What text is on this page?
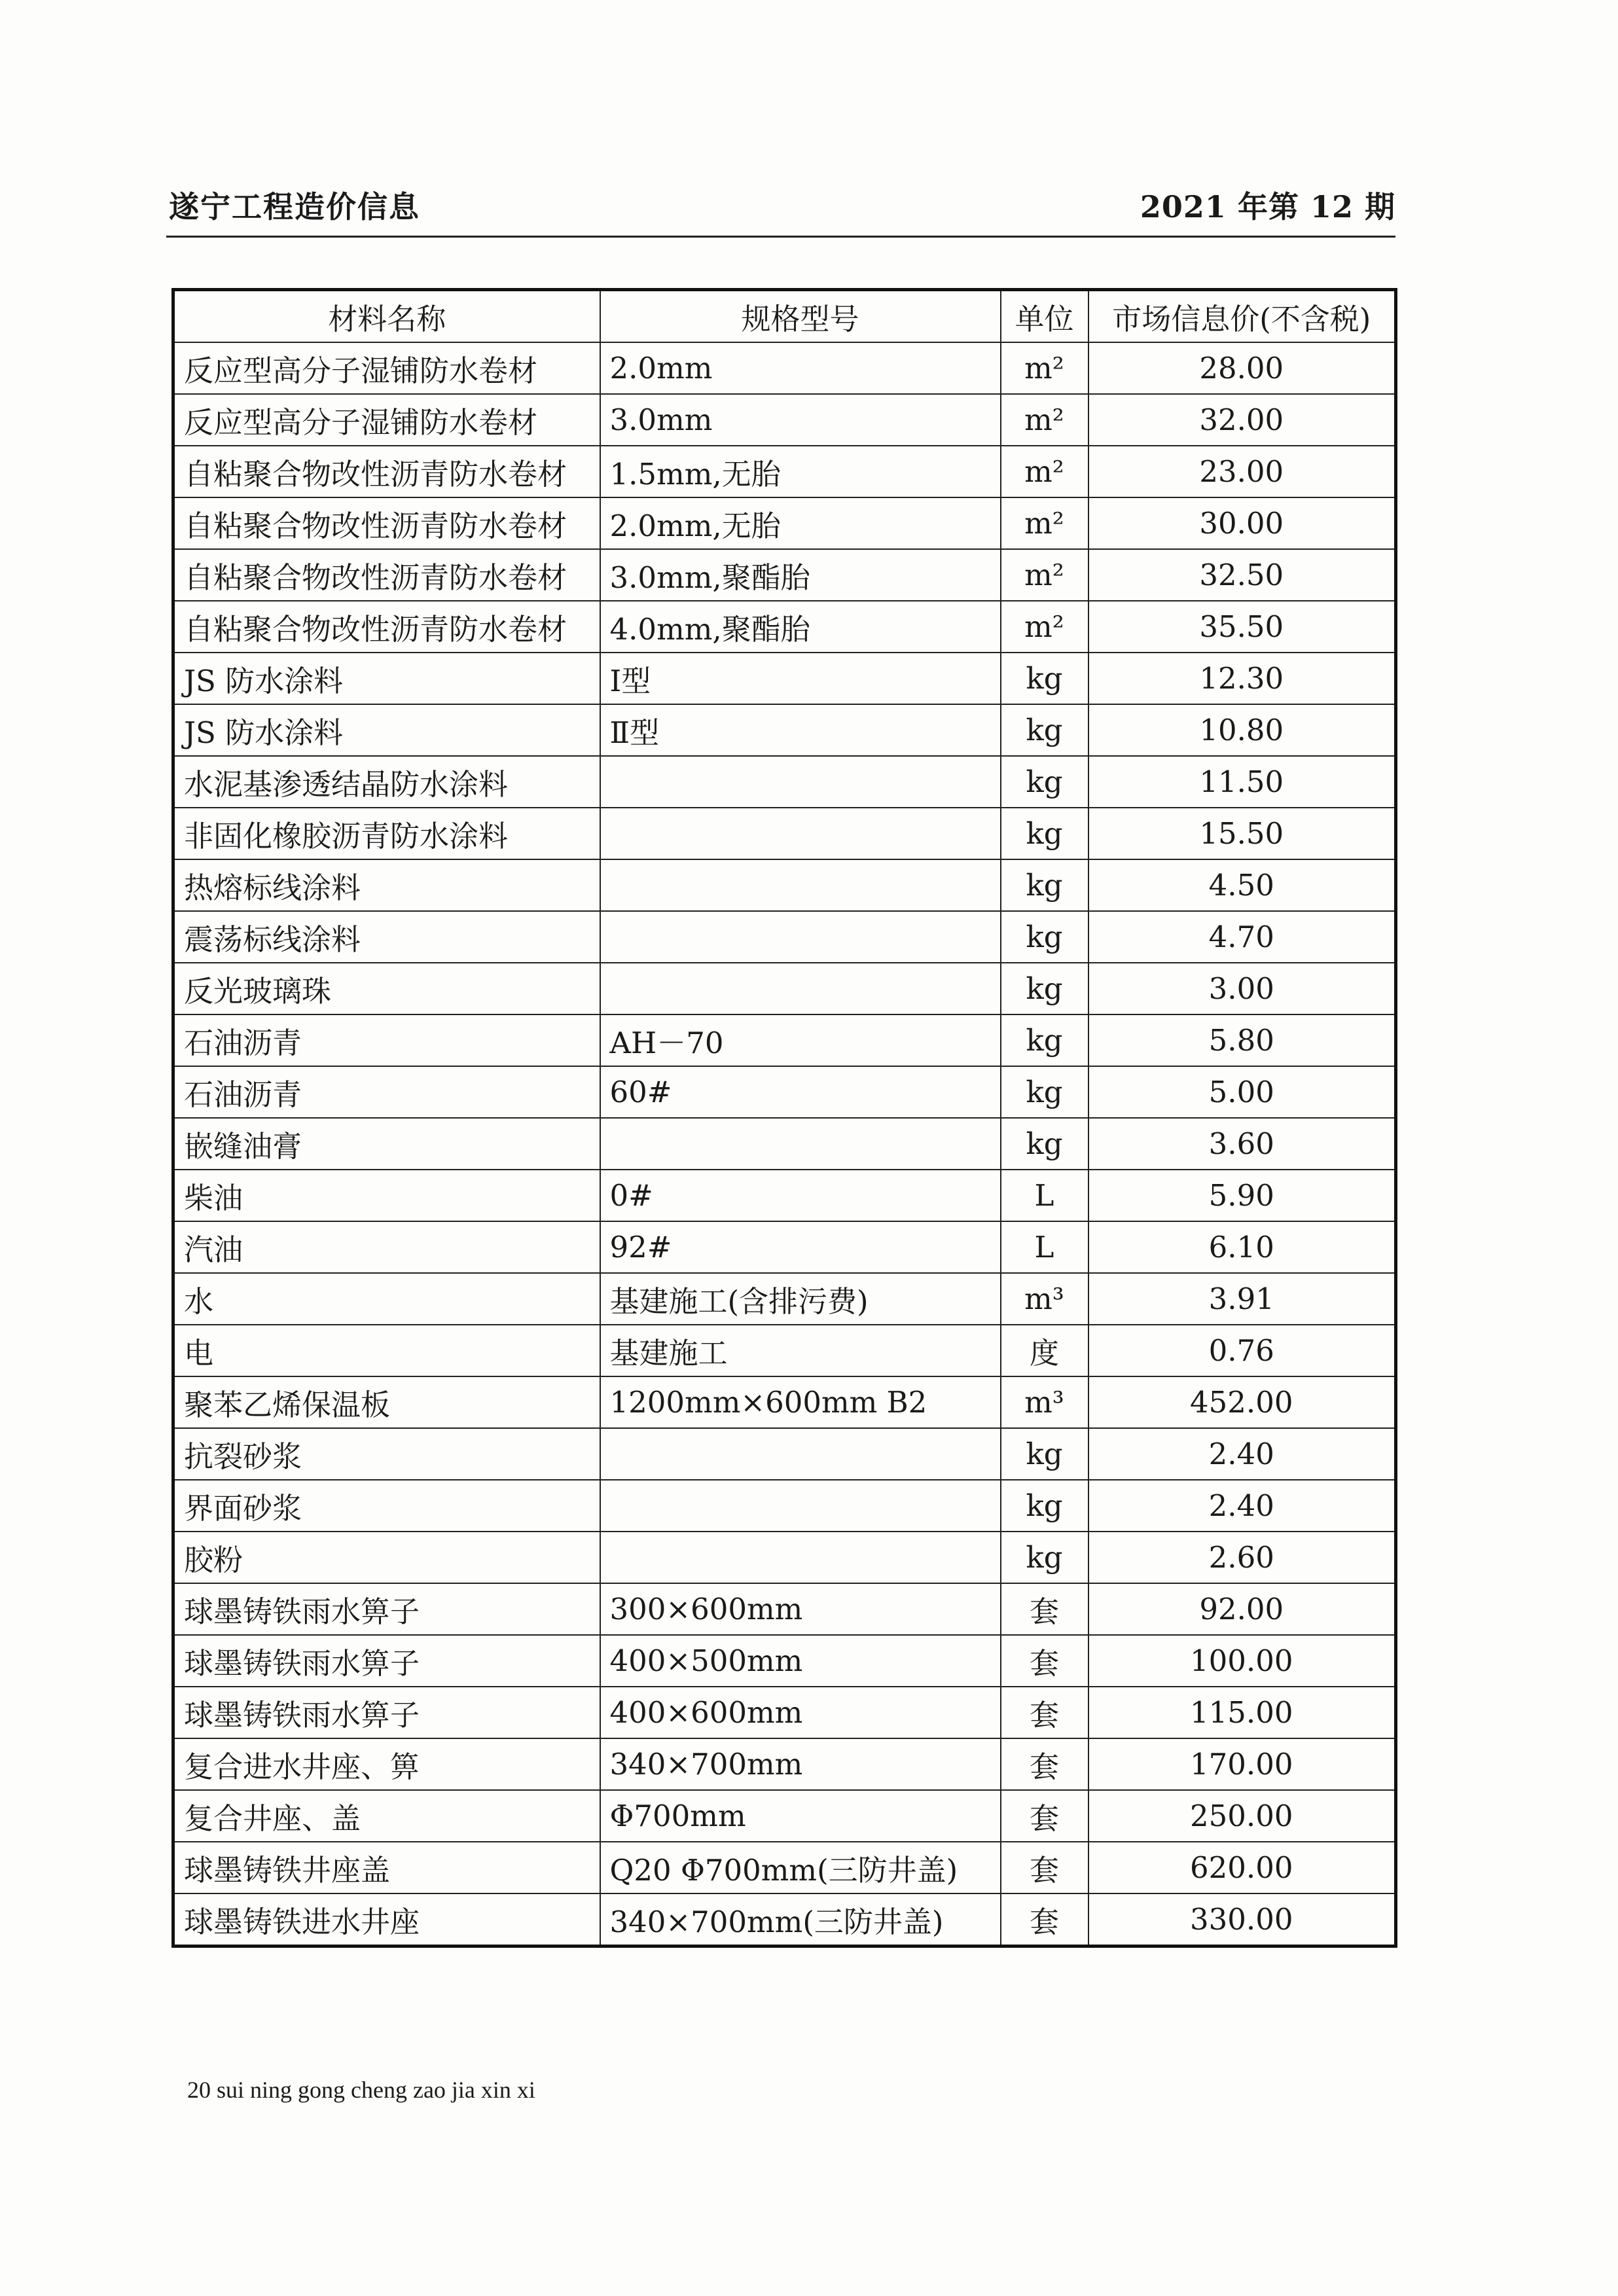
遂宁工程造价信息	2021 年第 12 期
材料名称	规格型号	单位	市场信息价(不含税)
反应型高分子湿铺防水卷材	2.0mm	m²	28.00
反应型高分子湿铺防水卷材	3.0mm	m²	32.00
自粘聚合物改性沥青防水卷材	1.5mm,无胎	m²	23.00
自粘聚合物改性沥青防水卷材	2.0mm,无胎	m²	30.00
自粘聚合物改性沥青防水卷材	3.0mm,聚酯胎	m²	32.50
自粘聚合物改性沥青防水卷材	4.0mm,聚酯胎	m²	35.50
JS 防水涂料	Ⅰ型	kg	12.30
JS 防水涂料	Ⅱ型	kg	10.80
水泥基渗透结晶防水涂料		kg	11.50
非固化橡胶沥青防水涂料		kg	15.50
热熔标线涂料		kg	4.50
震荡标线涂料		kg	4.70
反光玻璃珠		kg	3.00
石油沥青	AH－70	kg	5.80
石油沥青	60#	kg	5.00
嵌缝油膏		kg	3.60
柴油	0#	L	5.90
汽油	92#	L	6.10
水	基建施工(含排污费)	m³	3.91
电	基建施工	度	0.76
聚苯乙烯保温板	1200mm×600mm B2	m³	452.00
抗裂砂浆		kg	2.40
界面砂浆		kg	2.40
胶粉		kg	2.60
球墨铸铁雨水箅子	300×600mm	套	92.00
球墨铸铁雨水箅子	400×500mm	套	100.00
球墨铸铁雨水箅子	400×600mm	套	115.00
复合进水井座、箅	340×700mm	套	170.00
复合井座、盖	Φ700mm	套	250.00
球墨铸铁井座盖	Q20 Φ700mm(三防井盖)	套	620.00
球墨铸铁进水井座	340×700mm(三防井盖)	套	330.00
20 sui ning gong cheng zao jia xin xi
